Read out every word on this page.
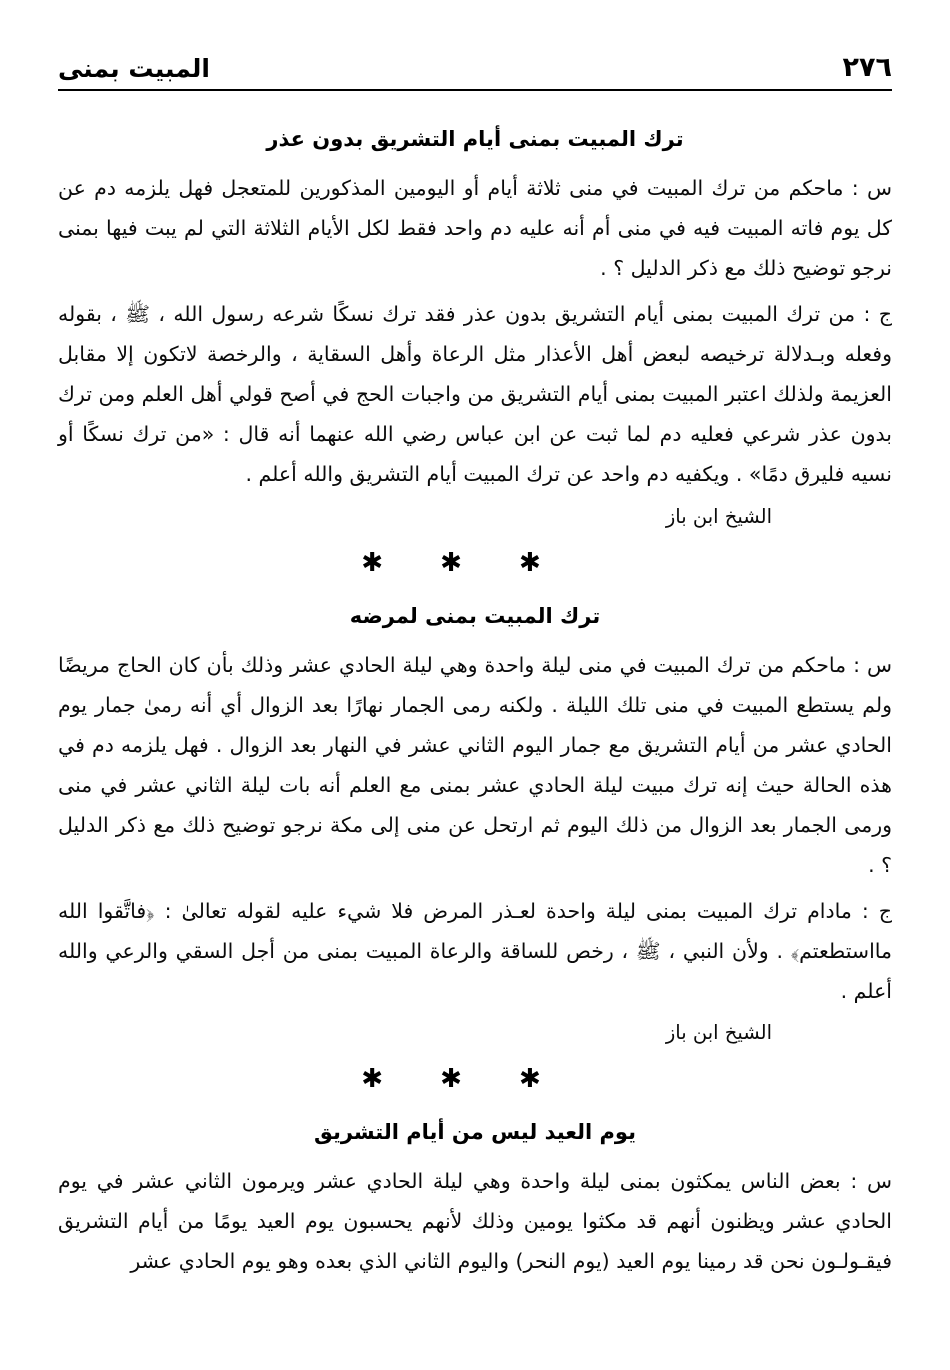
المبيت بمنى	٢٧٦
ترك المبيت بمنى أيام التشريق بدون عذر

س : ماحكم من ترك المبيت في منى ثلاثة أيام أو اليومين المذكورين للمتعجل فهل يلزمه دم عن كل يوم فاته المبيت فيه في منى أم أنه عليه دم واحد فقط لكل الأيام الثلاثة التي لم يبت فيها بمنى نرجو توضيح ذلك مع ذكر الدليل ؟ .

ج : من ترك المبيت بمنى أيام التشريق بدون عذر فقد ترك نسكًا شرعه رسول الله ، ﷺ ، بقوله وفعله وبـدلالة ترخيصه لبعض أهل الأعذار مثل الرعاة وأهل السقاية ، والرخصة لاتكون إلا مقابل العزيمة ولذلك اعتبر المبيت بمنى أيام التشريق من واجبات الحج في أصح قولي أهل العلم ومن ترك بدون عذر شرعي فعليه دم لما ثبت عن ابن عباس رضي الله عنهما أنه قال : «من ترك نسكًا أو نسيه فليرق دمًا» . ويكفيه دم واحد عن ترك المبيت أيام التشريق والله أعلم .

الشيخ ابن باز

✱ ✱ ✱
ترك المبيت بمنى لمرضه

س : ماحكم من ترك المبيت في منى ليلة واحدة وهي ليلة الحادي عشر وذلك بأن كان الحاج مريضًا ولم يستطع المبيت في منى تلك الليلة . ولكنه رمى الجمار نهارًا بعد الزوال أي أنه رمىٰ جمار يوم الحادي عشر من أيام التشريق مع جمار اليوم الثاني عشر في النهار بعد الزوال . فهل يلزمه دم في هذه الحالة حيث إنه ترك مبيت ليلة الحادي عشر بمنى مع العلم أنه بات ليلة الثاني عشر في منى ورمى الجمار بعد الزوال من ذلك اليوم ثم ارتحل عن منى إلى مكة نرجو توضيح ذلك مع ذكر الدليل ؟ .

ج : مادام ترك المبيت بمنى ليلة واحدة لعـذر المرض فلا شيء عليه لقوله تعالىٰ : ﴿فاتَّقوا الله مااستطعتم﴾ . ولأن النبي ، ﷺ ، رخص للساقة والرعاة المبيت بمنى من أجل السقي والرعي والله أعلم .

الشيخ ابن باز

✱ ✱ ✱
يوم العيد ليس من أيام التشريق

س : بعض الناس يمكثون بمنى ليلة واحدة وهي ليلة الحادي عشر ويرمون الثاني عشر في يوم الحادي عشر ويظنون أنهم قد مكثوا يومين وذلك لأنهم يحسبون يوم العيد يومًا من أيام التشريق فيقـولـون نحن قد رمينا يوم العيد (يوم النحر) واليوم الثاني الذي بعده وهو يوم الحادي عشر
